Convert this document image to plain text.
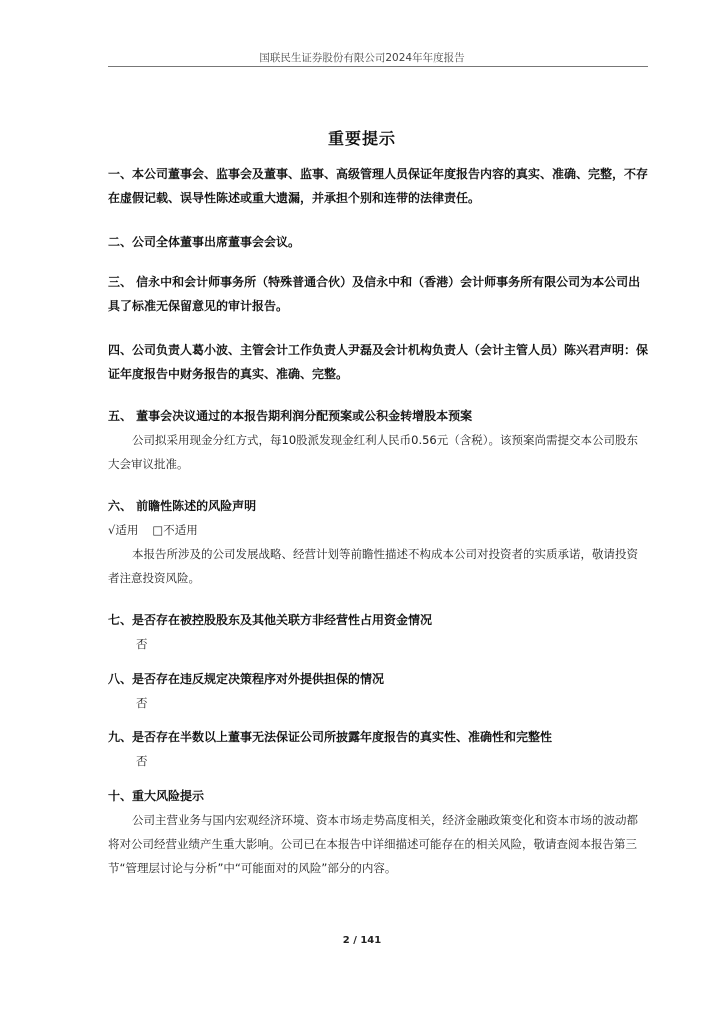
国联民生证券股份有限公司2024年年度报告
重要提示

一、本公司董事会、监事会及董事、监事、高级管理人员保证年度报告内容的真实、准确、完整，不存在虚假记载、误导性陈述或重大遗漏，并承担个别和连带的法律责任。

二、公司全体董事出席董事会会议。

三、 信永中和会计师事务所（特殊普通合伙）及信永中和（香港）会计师事务所有限公司为本公司出具了标准无保留意见的审计报告。

四、公司负责人葛小波、主管会计工作负责人尹磊及会计机构负责人（会计主管人员）陈兴君声明：保证年度报告中财务报告的真实、准确、完整。

五、 董事会决议通过的本报告期利润分配预案或公积金转增股本预案

公司拟采用现金分红方式，每10股派发现金红利人民币0.56元（含税）。该预案尚需提交本公司股东大会审议批准。

六、 前瞻性陈述的风险声明

√适用 □不适用

本报告所涉及的公司发展战略、经营计划等前瞻性描述不构成本公司对投资者的实质承诺，敬请投资者注意投资风险。

七、是否存在被控股股东及其他关联方非经营性占用资金情况

否

八、是否存在违反规定决策程序对外提供担保的情况

否

九、是否存在半数以上董事无法保证公司所披露年度报告的真实性、准确性和完整性

否

十、重大风险提示

公司主营业务与国内宏观经济环境、资本市场走势高度相关，经济金融政策变化和资本市场的波动都将对公司经营业绩产生重大影响。公司已在本报告中详细描述可能存在的相关风险，敬请查阅本报告第三节“管理层讨论与分析”中“可能面对的风险”部分的内容。

2 / 141
